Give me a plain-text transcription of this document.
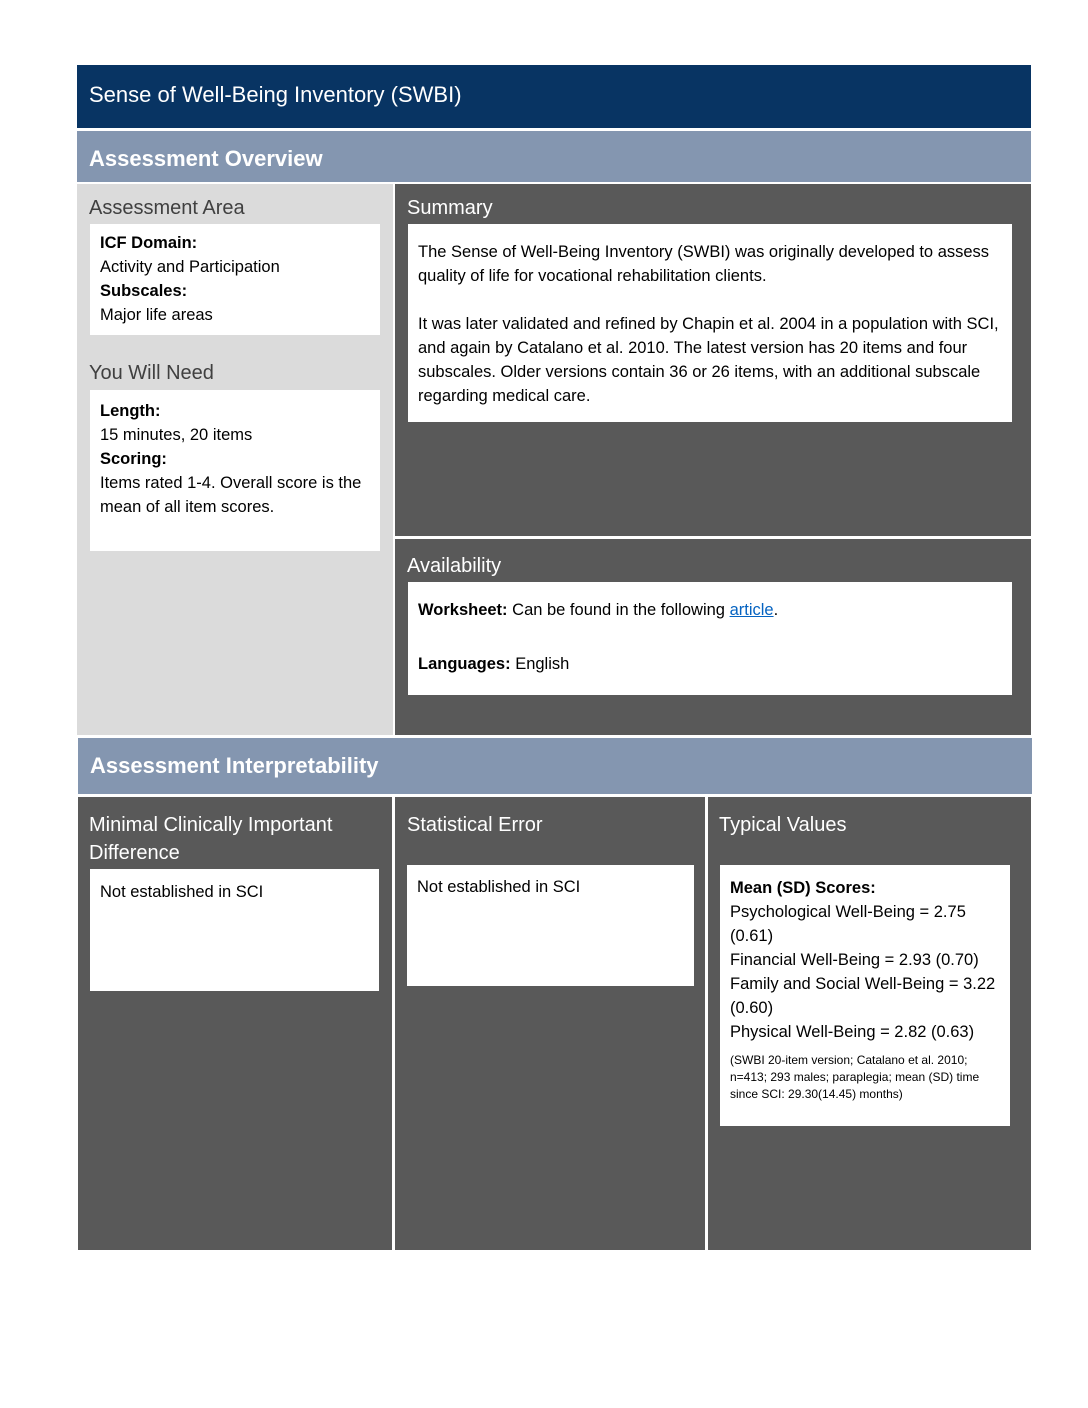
Sense of Well-Being Inventory (SWBI)
Assessment Overview
Assessment Area

ICF Domain:

Activity and Participation

Subscales:

Major life areas

You Will Need

Length:

15 minutes, 20 items

Scoring:

Items rated 1-4. Overall score is the mean of all item scores.

Summary

The Sense of Well-Being Inventory (SWBI) was originally developed to assess quality of life for vocational rehabilitation clients.

It was later validated and refined by Chapin et al. 2004 in a population with SCI, and again by Catalano et al. 2010. The latest version has 20 items and four subscales. Older versions contain 36 or 26 items, with an additional subscale regarding medical care.

Availability

Worksheet: Can be found in the following article.

Languages: English

Assessment Interpretability
Minimal Clinically Important
Difference

Not established in SCI

Statistical Error

Not established in SCI

Typical Values

Mean (SD) Scores:

Psychological Well-Being = 2.75 (0.61)

Financial Well-Being = 2.93 (0.70)

Family and Social Well-Being = 3.22 (0.60)

Physical Well-Being = 2.82 (0.63)

(SWBI 20-item version; Catalano et al. 2010; n=413; 293 males; paraplegia; mean (SD) time since SCI: 29.30(14.45) months)
